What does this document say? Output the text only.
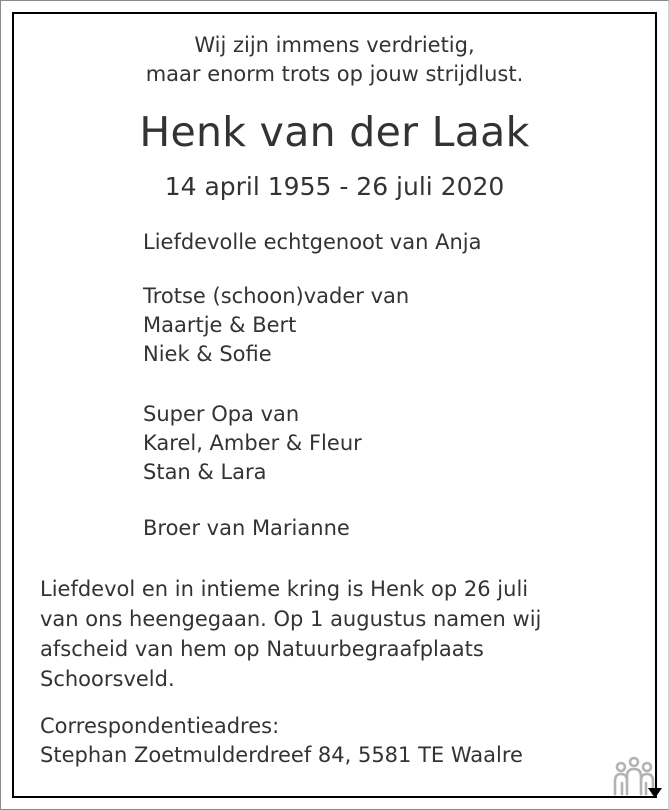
Wij zijn immens verdrietig,
maar enorm trots op jouw strijdlust.
Henk van der Laak
14 april 1955 - 26 juli 2020
Liefdevolle echtgenoot van Anja
Trotse (schoon)vader van
Maartje & Bert
Niek & Sofie
Super Opa van
Karel, Amber & Fleur
Stan & Lara
Broer van Marianne
Liefdevol en in intieme kring is Henk op 26 juli
van ons heengegaan. Op 1 augustus namen wij
afscheid van hem op Natuurbegraafplaats
Schoorsveld.
Correspondentieadres:
Stephan Zoetmulderdreef 84, 5581 TE Waalre
